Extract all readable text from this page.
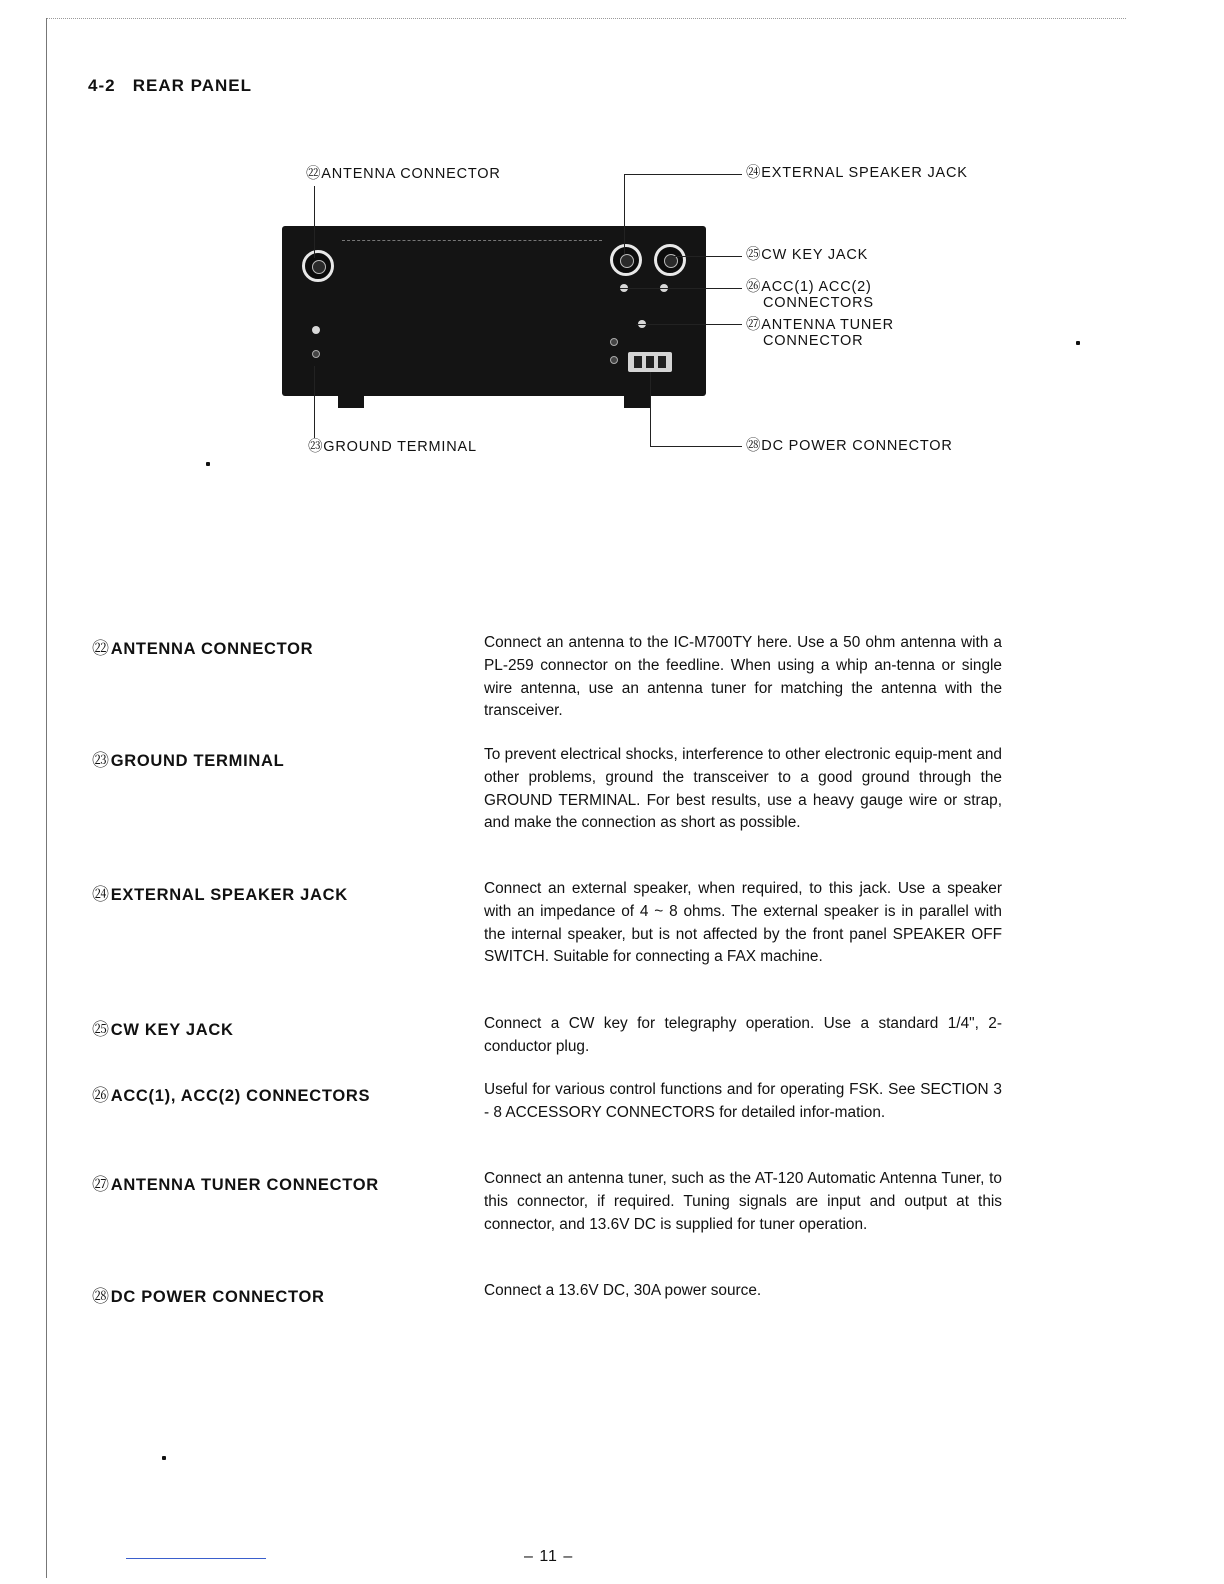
4-2 REAR PANEL
㉒ANTENNA CONNECTOR	㉔EXTERNAL SPEAKER JACK
㉕CW KEY JACK
㉖ACC(1) ACC(2)
CONNECTORS
㉗ANTENNA TUNER
CONNECTOR
㉓GROUND TERMINAL	㉘DC POWER CONNECTOR
㉒ANTENNA CONNECTOR	Connect an antenna to the IC-M700TY here. Use a 50 ohm antenna with a PL-259 connector on the feedline. When using a whip an-tenna or single wire antenna, use an antenna tuner for matching the antenna with the transceiver.
㉓GROUND TERMINAL	To prevent electrical shocks, interference to other electronic equip-ment and other problems, ground the transceiver to a good ground through the GROUND TERMINAL. For best results, use a heavy gauge wire or strap, and make the connection as short as possible.
㉔EXTERNAL SPEAKER JACK	Connect an external speaker, when required, to this jack. Use a speaker with an impedance of 4 ~ 8 ohms. The external speaker is in parallel with the internal speaker, but is not affected by the front panel SPEAKER OFF SWITCH. Suitable for connecting a FAX machine.
㉕CW KEY JACK	Connect a CW key for telegraphy operation. Use a standard 1/4", 2-conductor plug.
㉖ACC(1), ACC(2) CONNECTORS	Useful for various control functions and for operating FSK. See SECTION 3 - 8 ACCESSORY CONNECTORS for detailed infor-mation.
㉗ANTENNA TUNER CONNECTOR	Connect an antenna tuner, such as the AT-120 Automatic Antenna Tuner, to this connector, if required. Tuning signals are input and output at this connector, and 13.6V DC is supplied for tuner operation.
㉘DC POWER CONNECTOR	Connect a 13.6V DC, 30A power source.
– 11 –
